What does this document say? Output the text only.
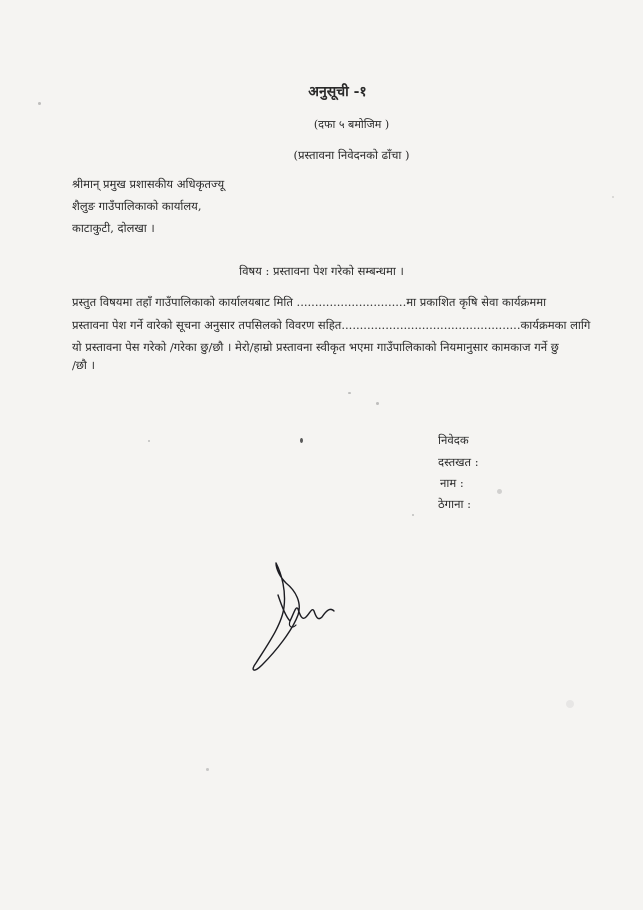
अनुसूची -१
(दफा ५ बमोजिम )
(प्रस्तावना निवेदनको ढाँचा )
श्रीमान् प्रमुख प्रशासकीय अधिकृतज्यू
शैलुङ गाउँपालिकाको कार्यालय,
काटाकुटी, दोलखा ।
विषय : प्रस्तावना पेश गरेको सम्बन्धमा ।
प्रस्तुत विषयमा तहाँ गाउँपालिकाको कार्यालयबाट मिति ..............................मा प्रकाशित कृषि सेवा कार्यक्रममा
प्रस्तावना पेश गर्ने वारेको सूचना अनुसार तपसिलको विवरण सहित.................................................कार्यक्रमका लागि
यो प्रस्तावना पेस गरेको /गरेका छु/छौ । मेरो/हाम्रो प्रस्तावना स्वीकृत भएमा गाउँपालिकाको नियमानुसार कामकाज गर्ने छु
/छौ ।
निवेदक
दस्तखत :
नाम :
ठेगाना :
